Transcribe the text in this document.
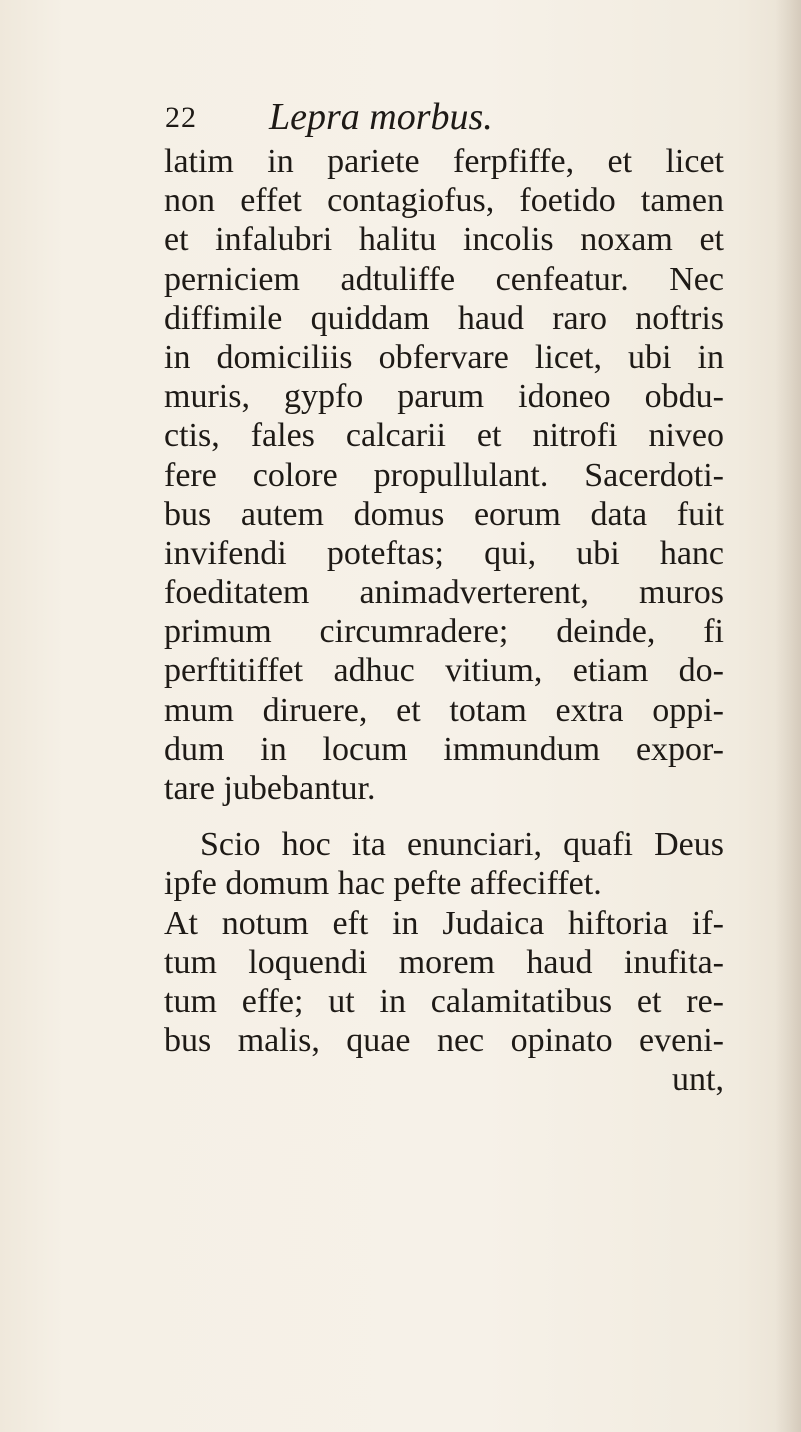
22 Lepra morbus.
latim in pariete ferpfiffe, et licet
non effet contagiofus, foetido tamen
et infalubri halitu incolis noxam et
perniciem adtuliffe cenfeatur. Nec
diffimile quiddam haud raro noftris
in domiciliis obfervare licet, ubi in
muris, gypfo parum idoneo obdu-
ctis, fales calcarii et nitrofi niveo
fere colore propullulant. Sacerdoti-
bus autem domus eorum data fuit
invifendi poteftas; qui, ubi hanc
foeditatem animadverterent, muros
primum circumradere; deinde, fi
perftitiffet adhuc vitium, etiam do-
mum diruere, et totam extra oppi-
dum in locum immundum expor-
tare jubebantur.
Scio hoc ita enunciari, quafi Deus
ipfe domum hac pefte affeciffet.
At notum eft in Judaica hiftoria if-
tum loquendi morem haud inufita-
tum effe; ut in calamitatibus et re-
bus malis, quae nec opinato eveni-
unt,
